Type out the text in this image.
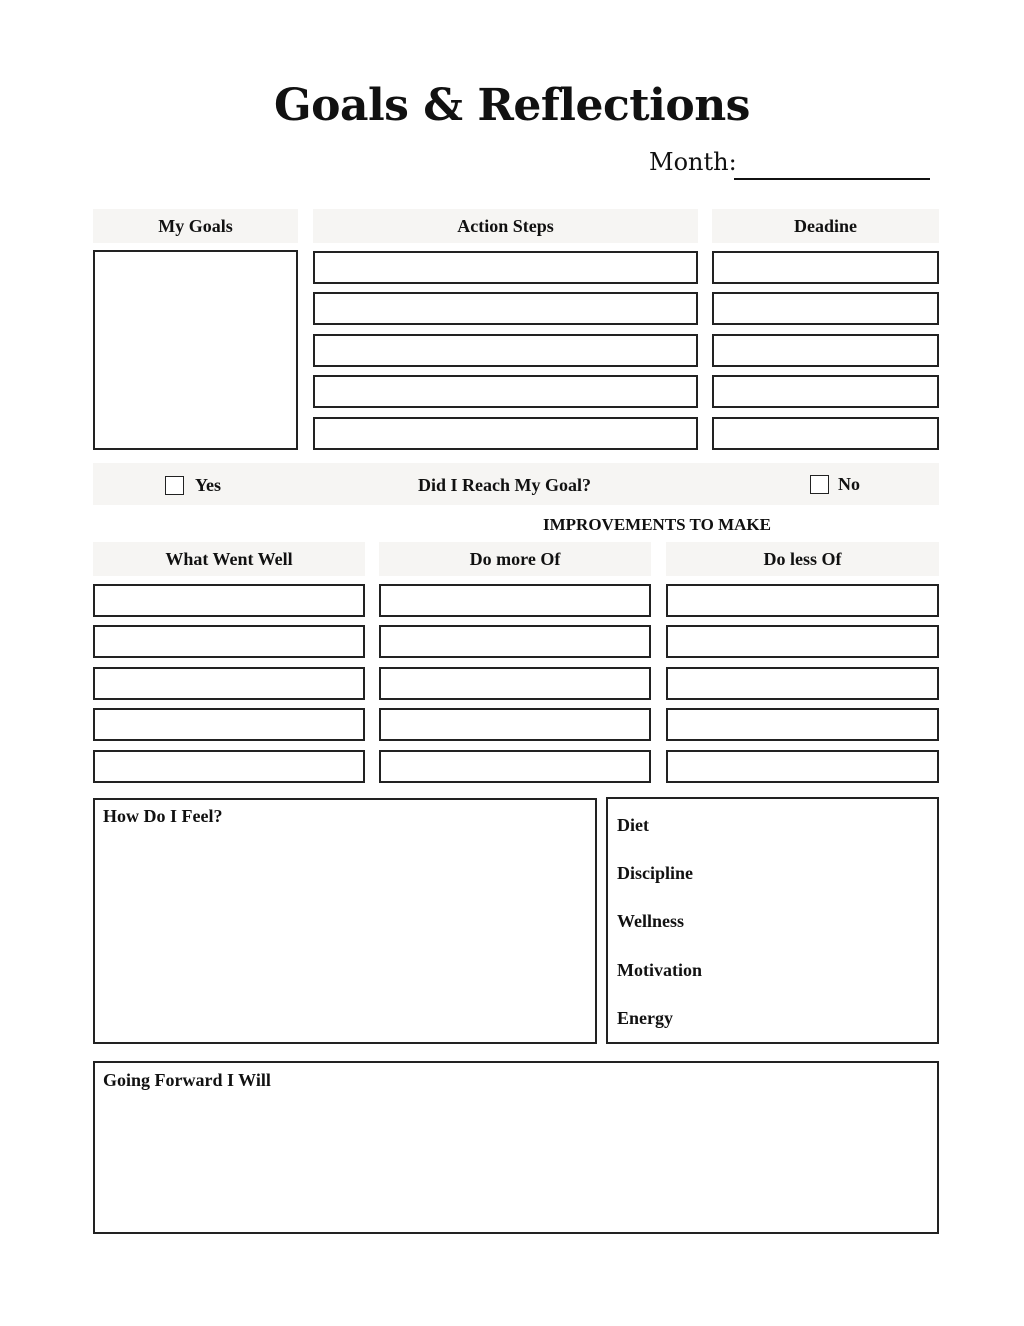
Goals & Reflections
Month:
My Goals	Action Steps	Deadine
Yes	Did I Reach My Goal?	No
IMPROVEMENTS TO MAKE
What Went Well	Do more Of	Do less Of
How Do I Feel?	Diet
Discipline
Wellness
Motivation
Energy
Going Forward I Will
